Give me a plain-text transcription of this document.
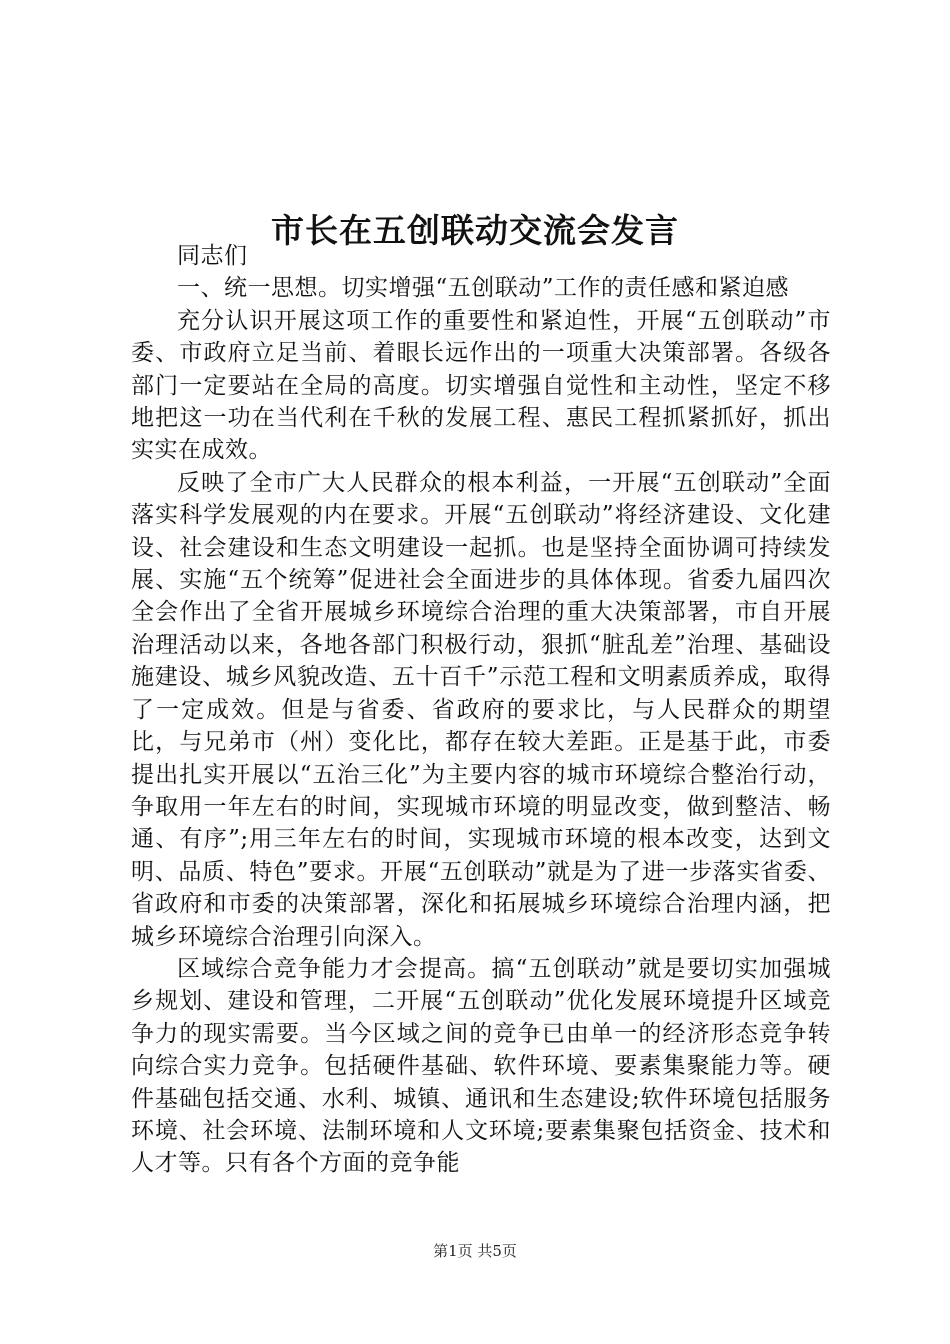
市长在五创联动交流会发言

同志们

一、统一思想。切实增强“五创联动”工作的责任感和紧迫感

充分认识开展这项工作的重要性和紧迫性，开展“五创联动”市委、市政府立足当前、着眼长远作出的一项重大决策部署。各级各部门一定要站在全局的高度。切实增强自觉性和主动性，坚定不移地把这一功在当代利在千秋的发展工程、惠民工程抓紧抓好，抓出实实在成效。

反映了全市广大人民群众的根本利益，一开展“五创联动”全面落实科学发展观的内在要求。开展“五创联动”将经济建设、文化建设、社会建设和生态文明建设一起抓。也是坚持全面协调可持续发展、实施“五个统筹”促进社会全面进步的具体体现。省委九届四次全会作出了全省开展城乡环境综合治理的重大决策部署，市自开展治理活动以来，各地各部门积极行动，狠抓“脏乱差”治理、基础设施建设、城乡风貌改造、五十百千”示范工程和文明素质养成，取得了一定成效。但是与省委、省政府的要求比，与人民群众的期望比，与兄弟市（州）变化比，都存在较大差距。正是基于此，市委提出扎实开展以“五治三化”为主要内容的城市环境综合整治行动，争取用一年左右的时间，实现城市环境的明显改变，做到整洁、畅通、有序”;用三年左右的时间，实现城市环境的根本改变，达到文明、品质、特色”要求。开展“五创联动”就是为了进一步落实省委、省政府和市委的决策部署，深化和拓展城乡环境综合治理内涵，把城乡环境综合治理引向深入。

区域综合竞争能力才会提高。搞“五创联动”就是要切实加强城乡规划、建设和管理，二开展“五创联动”优化发展环境提升区域竞争力的现实需要。当今区域之间的竞争已由单一的经济形态竞争转向综合实力竞争。包括硬件基础、软件环境、要素集聚能力等。硬件基础包括交通、水利、城镇、通讯和生态建设;软件环境包括服务环境、社会环境、法制环境和人文环境;要素集聚包括资金、技术和人才等。只有各个方面的竞争能

第1页 共5页
